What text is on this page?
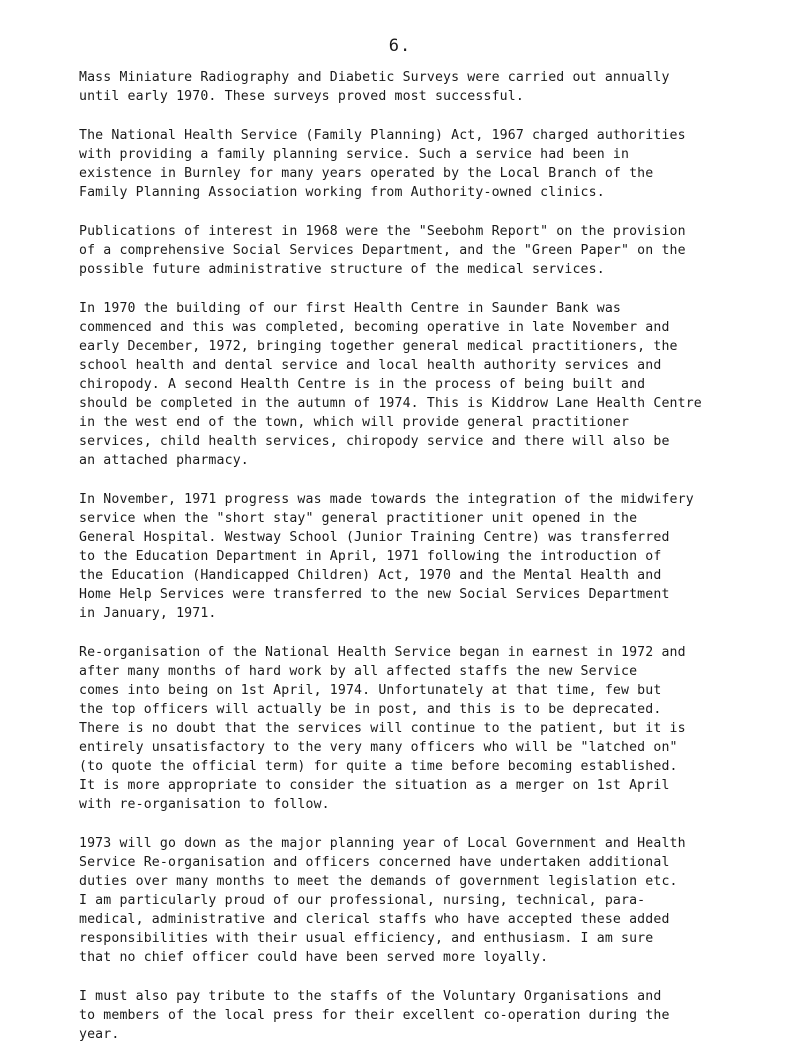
6.

Mass Miniature Radiography and Diabetic Surveys were carried out annually
until early 1970. These surveys proved most successful.

The National Health Service (Family Planning) Act, 1967 charged authorities
with providing a family planning service. Such a service had been in
existence in Burnley for many years operated by the Local Branch of the
Family Planning Association working from Authority-owned clinics.

Publications of interest in 1968 were the "Seebohm Report" on the provision
of a comprehensive Social Services Department, and the "Green Paper" on the
possible future administrative structure of the medical services.

In 1970 the building of our first Health Centre in Saunder Bank was
commenced and this was completed, becoming operative in late November and
early December, 1972, bringing together general medical practitioners, the
school health and dental service and local health authority services and
chiropody. A second Health Centre is in the process of being built and
should be completed in the autumn of 1974. This is Kiddrow Lane Health Centre
in the west end of the town, which will provide general practitioner
services, child health services, chiropody service and there will also be
an attached pharmacy.

In November, 1971 progress was made towards the integration of the midwifery
service when the "short stay" general practitioner unit opened in the
General Hospital. Westway School (Junior Training Centre) was transferred
to the Education Department in April, 1971 following the introduction of
the Education (Handicapped Children) Act, 1970 and the Mental Health and
Home Help Services were transferred to the new Social Services Department
in January, 1971.

Re-organisation of the National Health Service began in earnest in 1972 and
after many months of hard work by all affected staffs the new Service
comes into being on 1st April, 1974. Unfortunately at that time, few but
the top officers will actually be in post, and this is to be deprecated.
There is no doubt that the services will continue to the patient, but it is
entirely unsatisfactory to the very many officers who will be "latched on"
(to quote the official term) for quite a time before becoming established.
It is more appropriate to consider the situation as a merger on 1st April
with re-organisation to follow.

1973 will go down as the major planning year of Local Government and Health
Service Re-organisation and officers concerned have undertaken additional
duties over many months to meet the demands of government legislation etc.
I am particularly proud of our professional, nursing, technical, para-
medical, administrative and clerical staffs who have accepted these added
responsibilities with their usual efficiency, and enthusiasm. I am sure
that no chief officer could have been served more loyally.

I must also pay tribute to the staffs of the Voluntary Organisations and
to members of the local press for their excellent co-operation during the
year.
